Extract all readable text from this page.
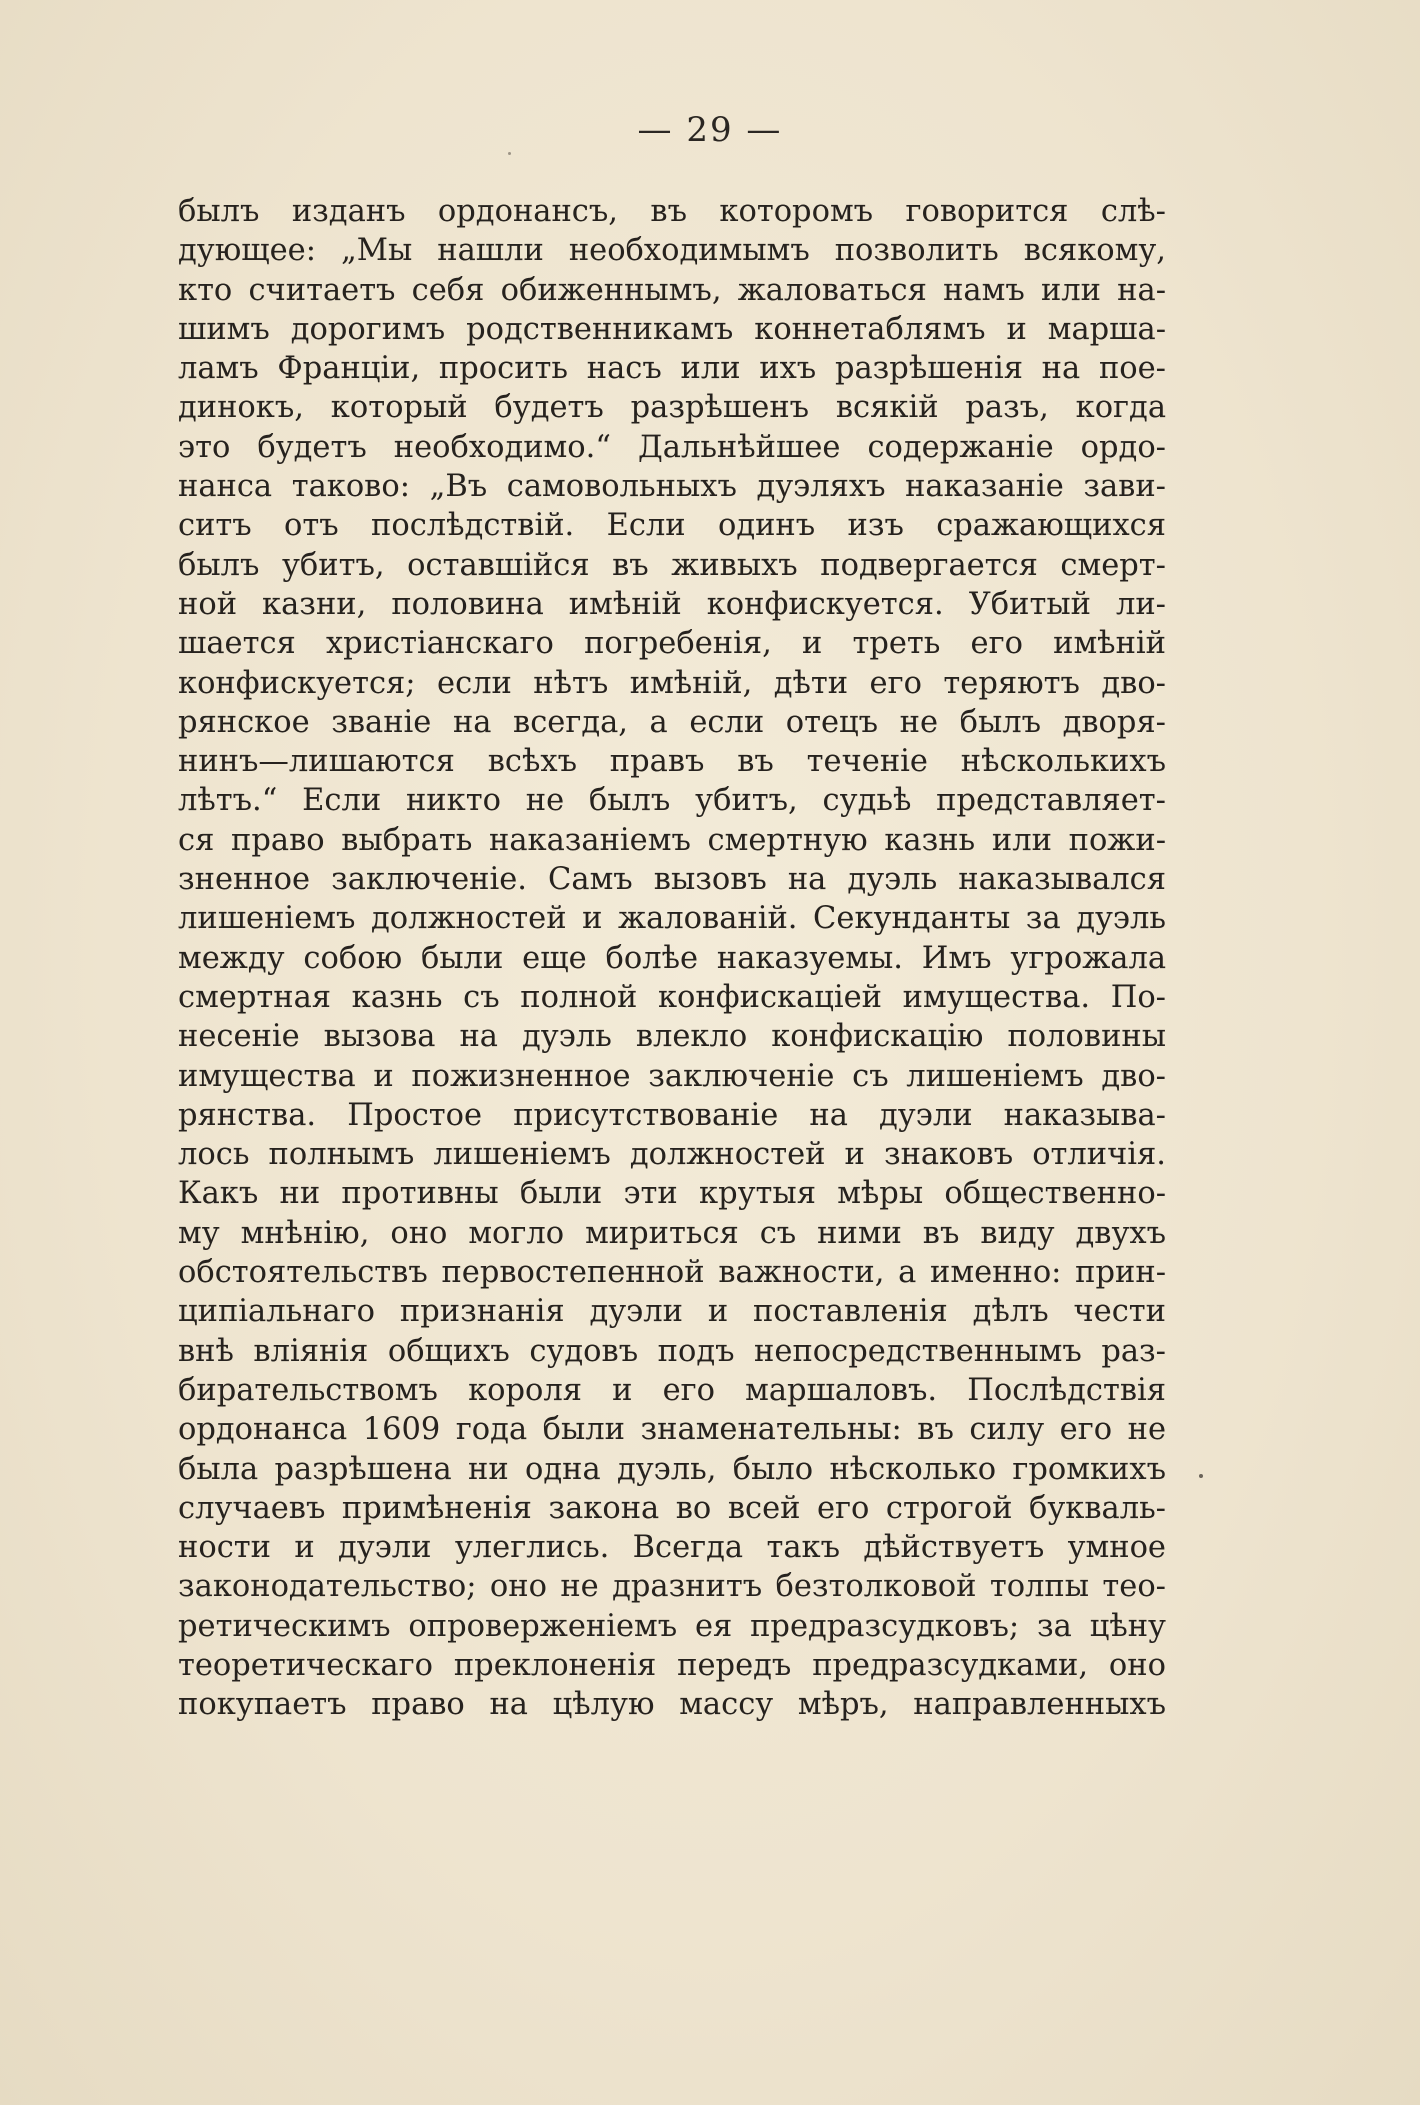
— 29 —
былъ изданъ ордонансъ, въ которомъ говорится слѣ-
дующее: „Мы нашли необходимымъ позволить всякому,
кто считаетъ себя обиженнымъ, жаловаться намъ или на-
шимъ дорогимъ родственникамъ коннетаблямъ и марша-
ламъ Франціи, просить насъ или ихъ разрѣшенія на пое-
динокъ, который будетъ разрѣшенъ всякій разъ, когда
это будетъ необходимо.“ Дальнѣйшее содержаніе ордо-
нанса таково: „Въ самовольныхъ дуэляхъ наказаніе зави-
ситъ отъ послѣдствій. Если одинъ изъ сражающихся
былъ убитъ, оставшійся въ живыхъ подвергается смерт-
ной казни, половина имѣній конфискуется. Убитый ли-
шается христіанскаго погребенія, и треть его имѣній
конфискуется; если нѣтъ имѣній, дѣти его теряютъ дво-
рянское званіе на всегда, а если отецъ не былъ дворя-
нинъ—лишаются всѣхъ правъ въ теченіе нѣсколькихъ
лѣтъ.“ Если никто не былъ убитъ, судьѣ представляет-
ся право выбрать наказаніемъ смертную казнь или пожи-
зненное заключеніе. Самъ вызовъ на дуэль наказывался
лишеніемъ должностей и жалованій. Секунданты за дуэль
между собою были еще болѣе наказуемы. Имъ угрожала
смертная казнь съ полной конфискаціей имущества. По-
несеніе вызова на дуэль влекло конфискацію половины
имущества и пожизненное заключеніе съ лишеніемъ дво-
рянства. Простое присутствованіе на дуэли наказыва-
лось полнымъ лишеніемъ должностей и знаковъ отличія.
Какъ ни противны были эти крутыя мѣры общественно-
му мнѣнію, оно могло мириться съ ними въ виду двухъ
обстоятельствъ первостепенной важности, а именно: прин-
ципіальнаго признанія дуэли и поставленія дѣлъ чести
внѣ вліянія общихъ судовъ подъ непосредственнымъ раз-
бирательствомъ короля и его маршаловъ. Послѣдствія
ордонанса 1609 года были знаменательны: въ силу его не
была разрѣшена ни одна дуэль, было нѣсколько громкихъ
случаевъ примѣненія закона во всей его строгой букваль-
ности и дуэли улеглись. Всегда такъ дѣйствуетъ умное
законодательство; оно не дразнитъ безтолковой толпы тео-
ретическимъ опроверженіемъ ея предразсудковъ; за цѣну
теоретическаго преклоненія передъ предразсудками, оно
покупаетъ право на цѣлую массу мѣръ, направленныхъ
